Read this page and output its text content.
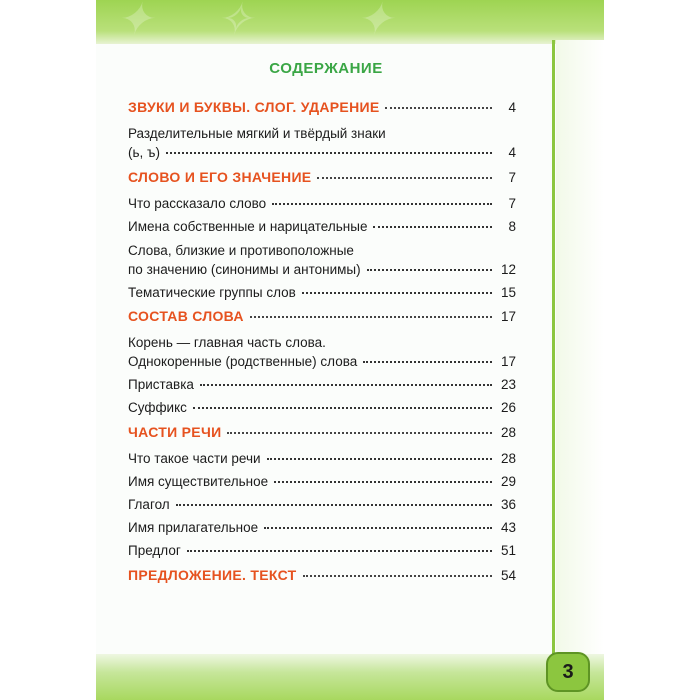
✦ ✧ ✦
СОДЕРЖАНИЕ
ЗВУКИ И БУКВЫ. СЛОГ. УДАРЕНИЕ	4
Разделительные мягкий и твёрдый знаки
(ь, ъ)	4
СЛОВО И ЕГО ЗНАЧЕНИЕ	7
Что рассказало слово	7
Имена собственные и нарицательные	8
Слова, близкие и противоположные
по значению (синонимы и антонимы)	12
Тематические группы слов	15
СОСТАВ СЛОВА	17
Корень — главная часть слова.
Однокоренные (родственные) слова	17
Приставка	23
Суффикс	26
ЧАСТИ РЕЧИ	28
Что такое части речи	28
Имя существительное	29
Глагол	36
Имя прилагательное	43
Предлог	51
ПРЕДЛОЖЕНИЕ. ТЕКСТ	54
3
